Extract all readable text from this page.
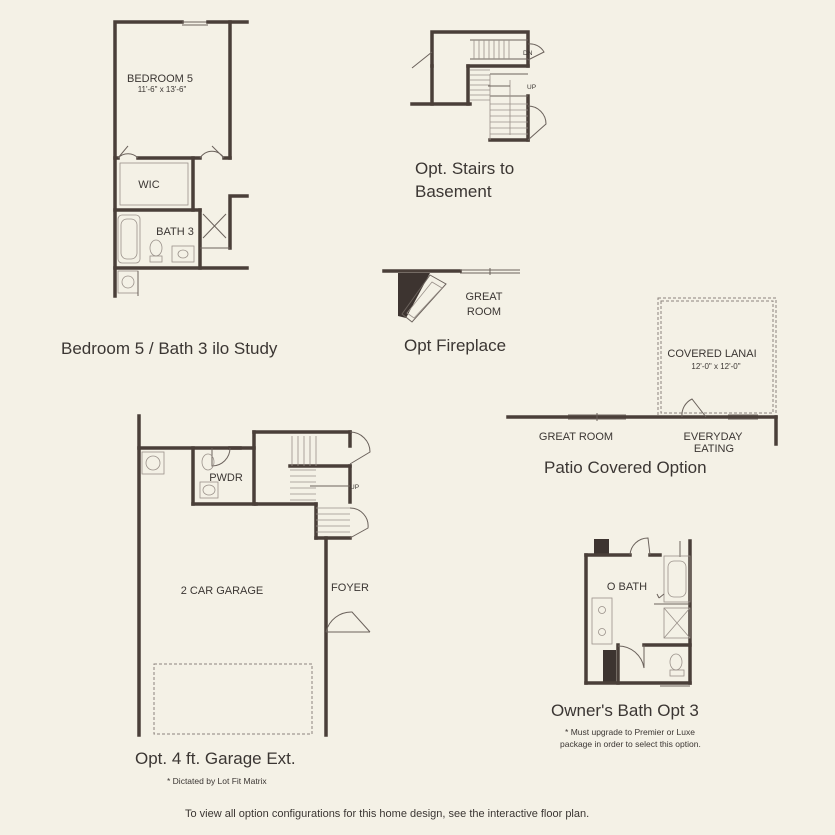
BEDROOM 5
11'-6" x 13'-6"
WIC
BATH 3
DN
UP
GREAT
ROOM
COVERED LANAI
12'-0" x 12'-0"
GREAT ROOM	EVERYDAY
EATING
2 CAR GARAGE
PWDR
FOYER
UP
O BATH
Bedroom 5 / Bath 3 ilo Study
Opt. Stairs to
Basement
Opt Fireplace
Patio Covered Option
Opt. 4 ft. Garage Ext.

* Dictated by Lot Fit Matrix

Owner's Bath Opt 3

* Must upgrade to Premier or Luxe

package in order to select this option.

To view all option configurations for this home design, see the interactive floor plan.
